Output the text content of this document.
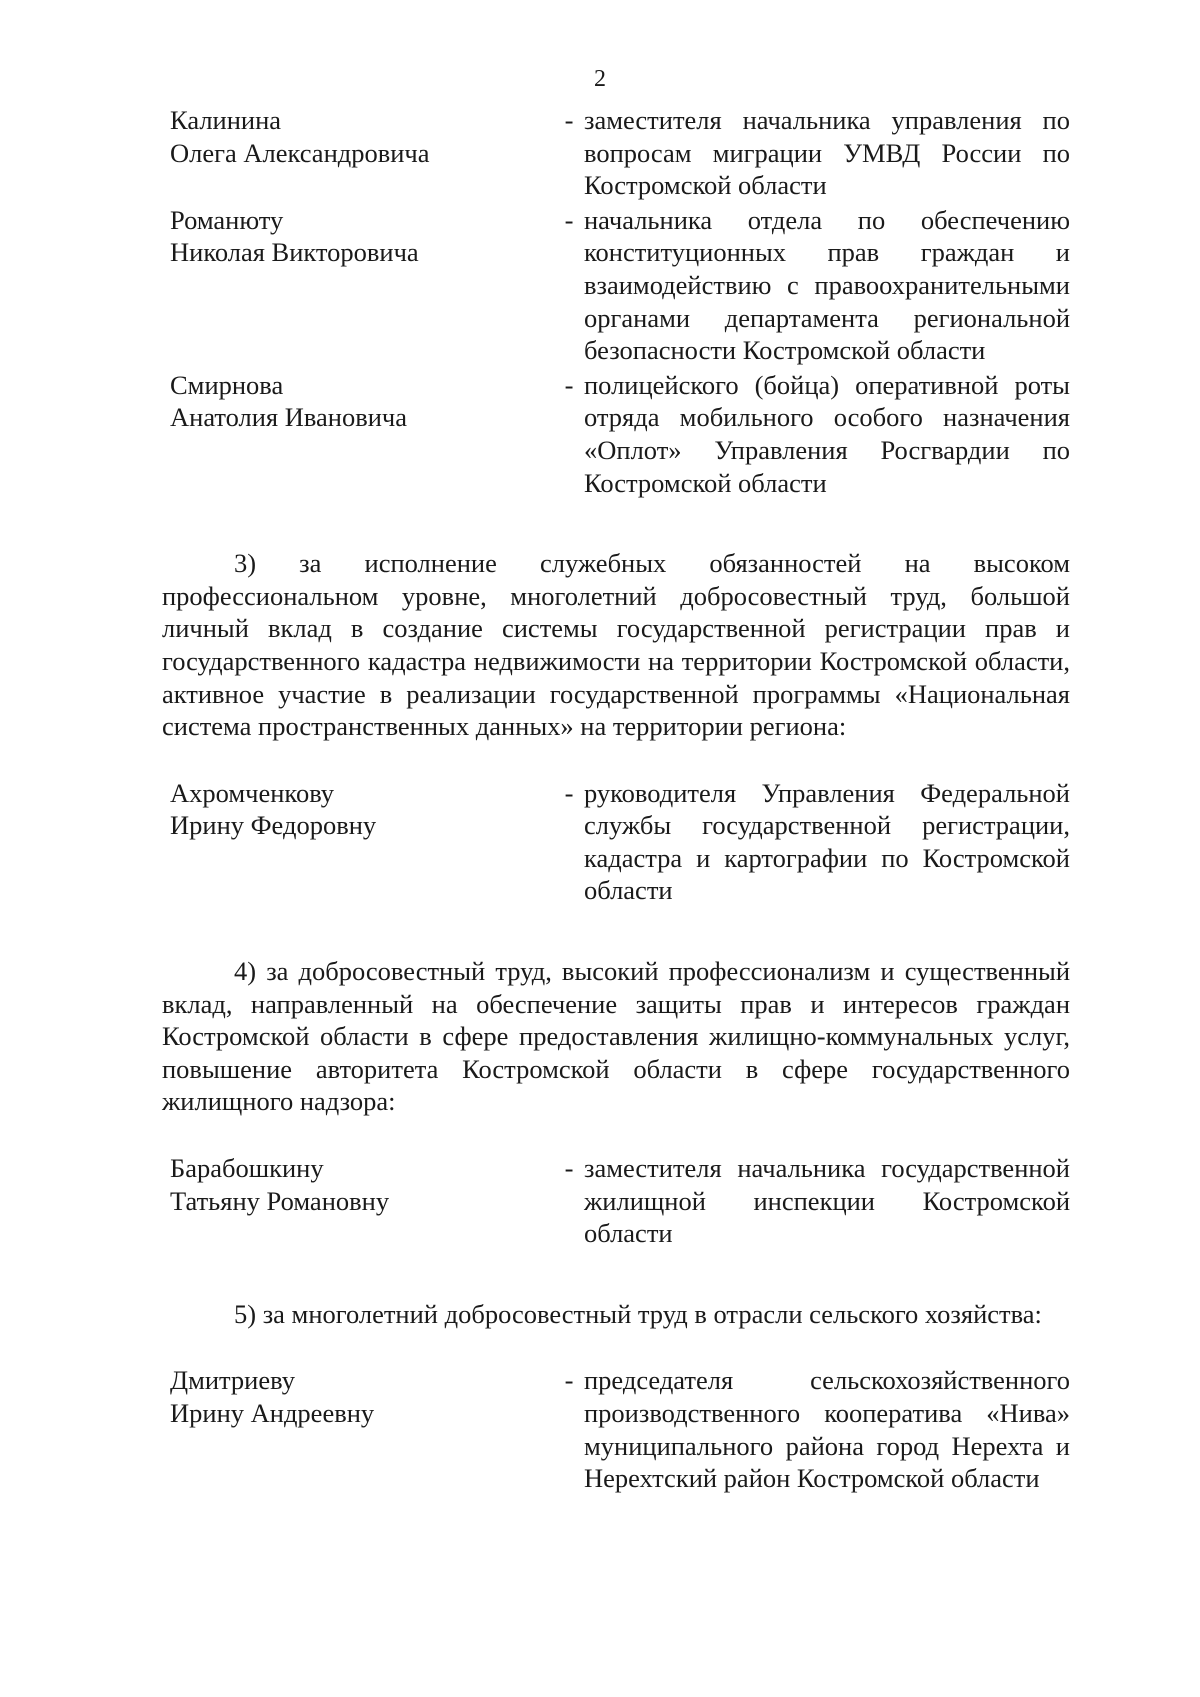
2
Калинина
Олега Александровича
- заместителя начальника управления по вопросам миграции УМВД России по Костромской области
Романюту
Николая Викторовича
- начальника отдела по обеспечению конституционных прав граждан и взаимодействию с правоохранительными органами департамента региональной безопасности Костромской области
Смирнова
Анатолия Ивановича
- полицейского (бойца) оперативной роты отряда мобильного особого назначения «Оплот» Управления Росгвардии по Костромской области

3) за исполнение служебных обязанностей на высоком профессиональном уровне, многолетний добросовестный труд, большой личный вклад в создание системы государственной регистрации прав и государственного кадастра недвижимости на территории Костромской области, активное участие в реализации государственной программы «Национальная система пространственных данных» на территории региона:

Ахромченкову
Ирину Федоровну
- руководителя Управления Федеральной службы государственной регистрации, кадастра и картографии по Костромской области

4) за добросовестный труд, высокий профессионализм и существенный вклад, направленный на обеспечение защиты прав и интересов граждан Костромской области в сфере предоставления жилищно-коммунальных услуг, повышение авторитета Костромской области в сфере государственного жилищного надзора:

Барабошкину
Татьяну Романовну
- заместителя начальника государственной жилищной инспекции Костромской области

5) за многолетний добросовестный труд в отрасли сельского хозяйства:

Дмитриеву
Ирину Андреевну
- председателя сельскохозяйственного производственного кооператива «Нива» муниципального района город Нерехта и Нерехтский район Костромской области
